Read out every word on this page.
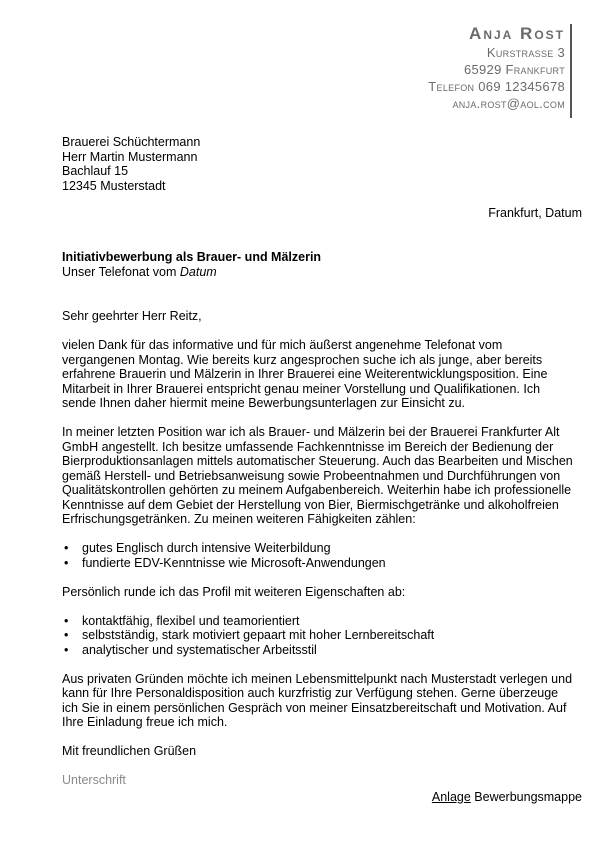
Anja Rost
Kurstrasse 3
65929 Frankfurt
Telefon 069 12345678
anja.rost@aol.com
Brauerei Schüchtermann
Herr Martin Mustermann
Bachlauf 15
12345 Musterstadt
Frankfurt, Datum
Initiativbewerbung als Brauer- und Mälzerin
Unser Telefonat vom Datum

Sehr geehrter Herr Reitz,

vielen Dank für das informative und für mich äußerst angenehme Telefonat vom vergangenen Montag. Wie bereits kurz angesprochen suche ich als junge, aber bereits erfahrene Brauerin und Mälzerin in Ihrer Brauerei eine Weiterentwicklungsposition. Eine Mitarbeit in Ihrer Brauerei entspricht genau meiner Vorstellung und Qualifikationen. Ich sende Ihnen daher hiermit meine Bewerbungsunterlagen zur Einsicht zu.

In meiner letzten Position war ich als Brauer- und Mälzerin bei der Brauerei Frankfurter Alt GmbH angestellt. Ich besitze umfassende Fachkenntnisse im Bereich der Bedienung der Bierproduktionsanlagen mittels automatischer Steuerung. Auch das Bearbeiten und Mischen gemäß Herstell- und Betriebsanweisung sowie Probeentnahmen und Durchführungen von Qualitätskontrollen gehörten zu meinem Aufgabenbereich. Weiterhin habe ich professionelle Kenntnisse auf dem Gebiet der Herstellung von Bier, Biermischgetränke und alkoholfreien Erfrischungsgetränken. Zu meinen weiteren Fähigkeiten zählen:

• gutes Englisch durch intensive Weiterbildung
• fundierte EDV-Kenntnisse wie Microsoft-Anwendungen

Persönlich runde ich das Profil mit weiteren Eigenschaften ab:

• kontaktfähig, flexibel und teamorientiert
• selbstständig, stark motiviert gepaart mit hoher Lernbereitschaft
• analytischer und systematischer Arbeitsstil

Aus privaten Gründen möchte ich meinen Lebensmittelpunkt nach Musterstadt verlegen und kann für Ihre Personaldisposition auch kurzfristig zur Verfügung stehen. Gerne überzeuge ich Sie in einem persönlichen Gespräch von meiner Einsatzbereitschaft und Motivation. Auf Ihre Einladung freue ich mich.

Mit freundlichen Grüßen

Unterschrift
Anlage Bewerbungsmappe
